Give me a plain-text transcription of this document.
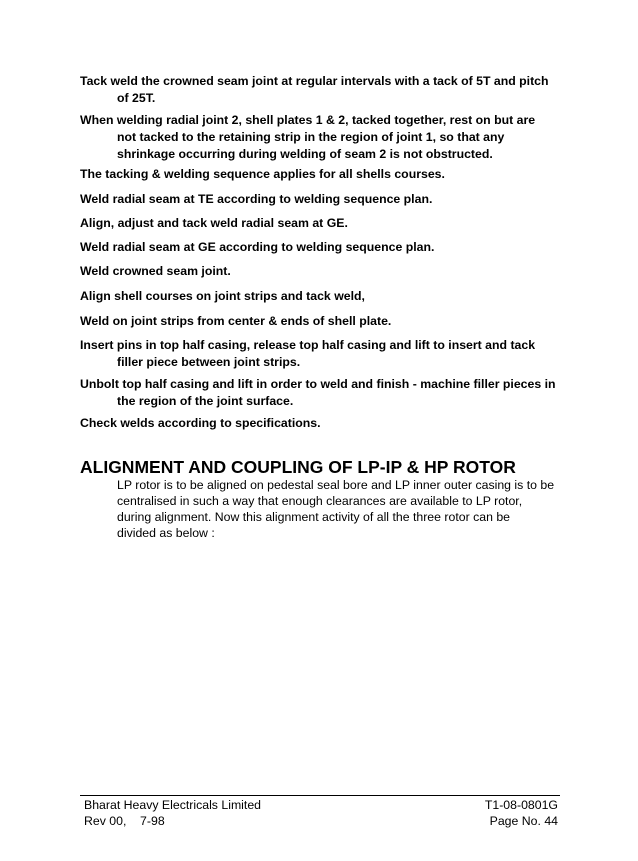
Tack weld the crowned seam joint at regular intervals with a tack of 5T and pitch
of 25T.

When welding radial joint 2, shell plates 1 & 2, tacked together, rest on but are
not tacked to the retaining strip in the region of joint 1, so that any
shrinkage occurring during welding of seam 2 is not obstructed.

The tacking & welding sequence applies for all shells courses.

Weld radial seam at TE according to welding sequence plan.

Align, adjust and tack weld radial seam at GE.

Weld radial seam at GE according to welding sequence plan.

Weld crowned seam joint.

Align shell courses on joint strips and tack weld,

Weld on joint strips from center & ends of shell plate.

Insert pins in top half casing, release top half casing and lift to insert and tack
filler piece between joint strips.

Unbolt top half casing and lift in order to weld and finish - machine filler pieces in
the region of the joint surface.

Check welds according to specifications.

ALIGNMENT AND COUPLING OF LP-IP & HP ROTOR

LP rotor is to be aligned on pedestal seal bore and LP inner outer casing is to be
centralised in such a way that enough clearances are available to LP rotor,
during alignment. Now this alignment activity of all the three rotor can be
divided as below :

Bharat Heavy Electricals Limited	T1-08-0801G
Rev 00,    7-98	Page No. 44
